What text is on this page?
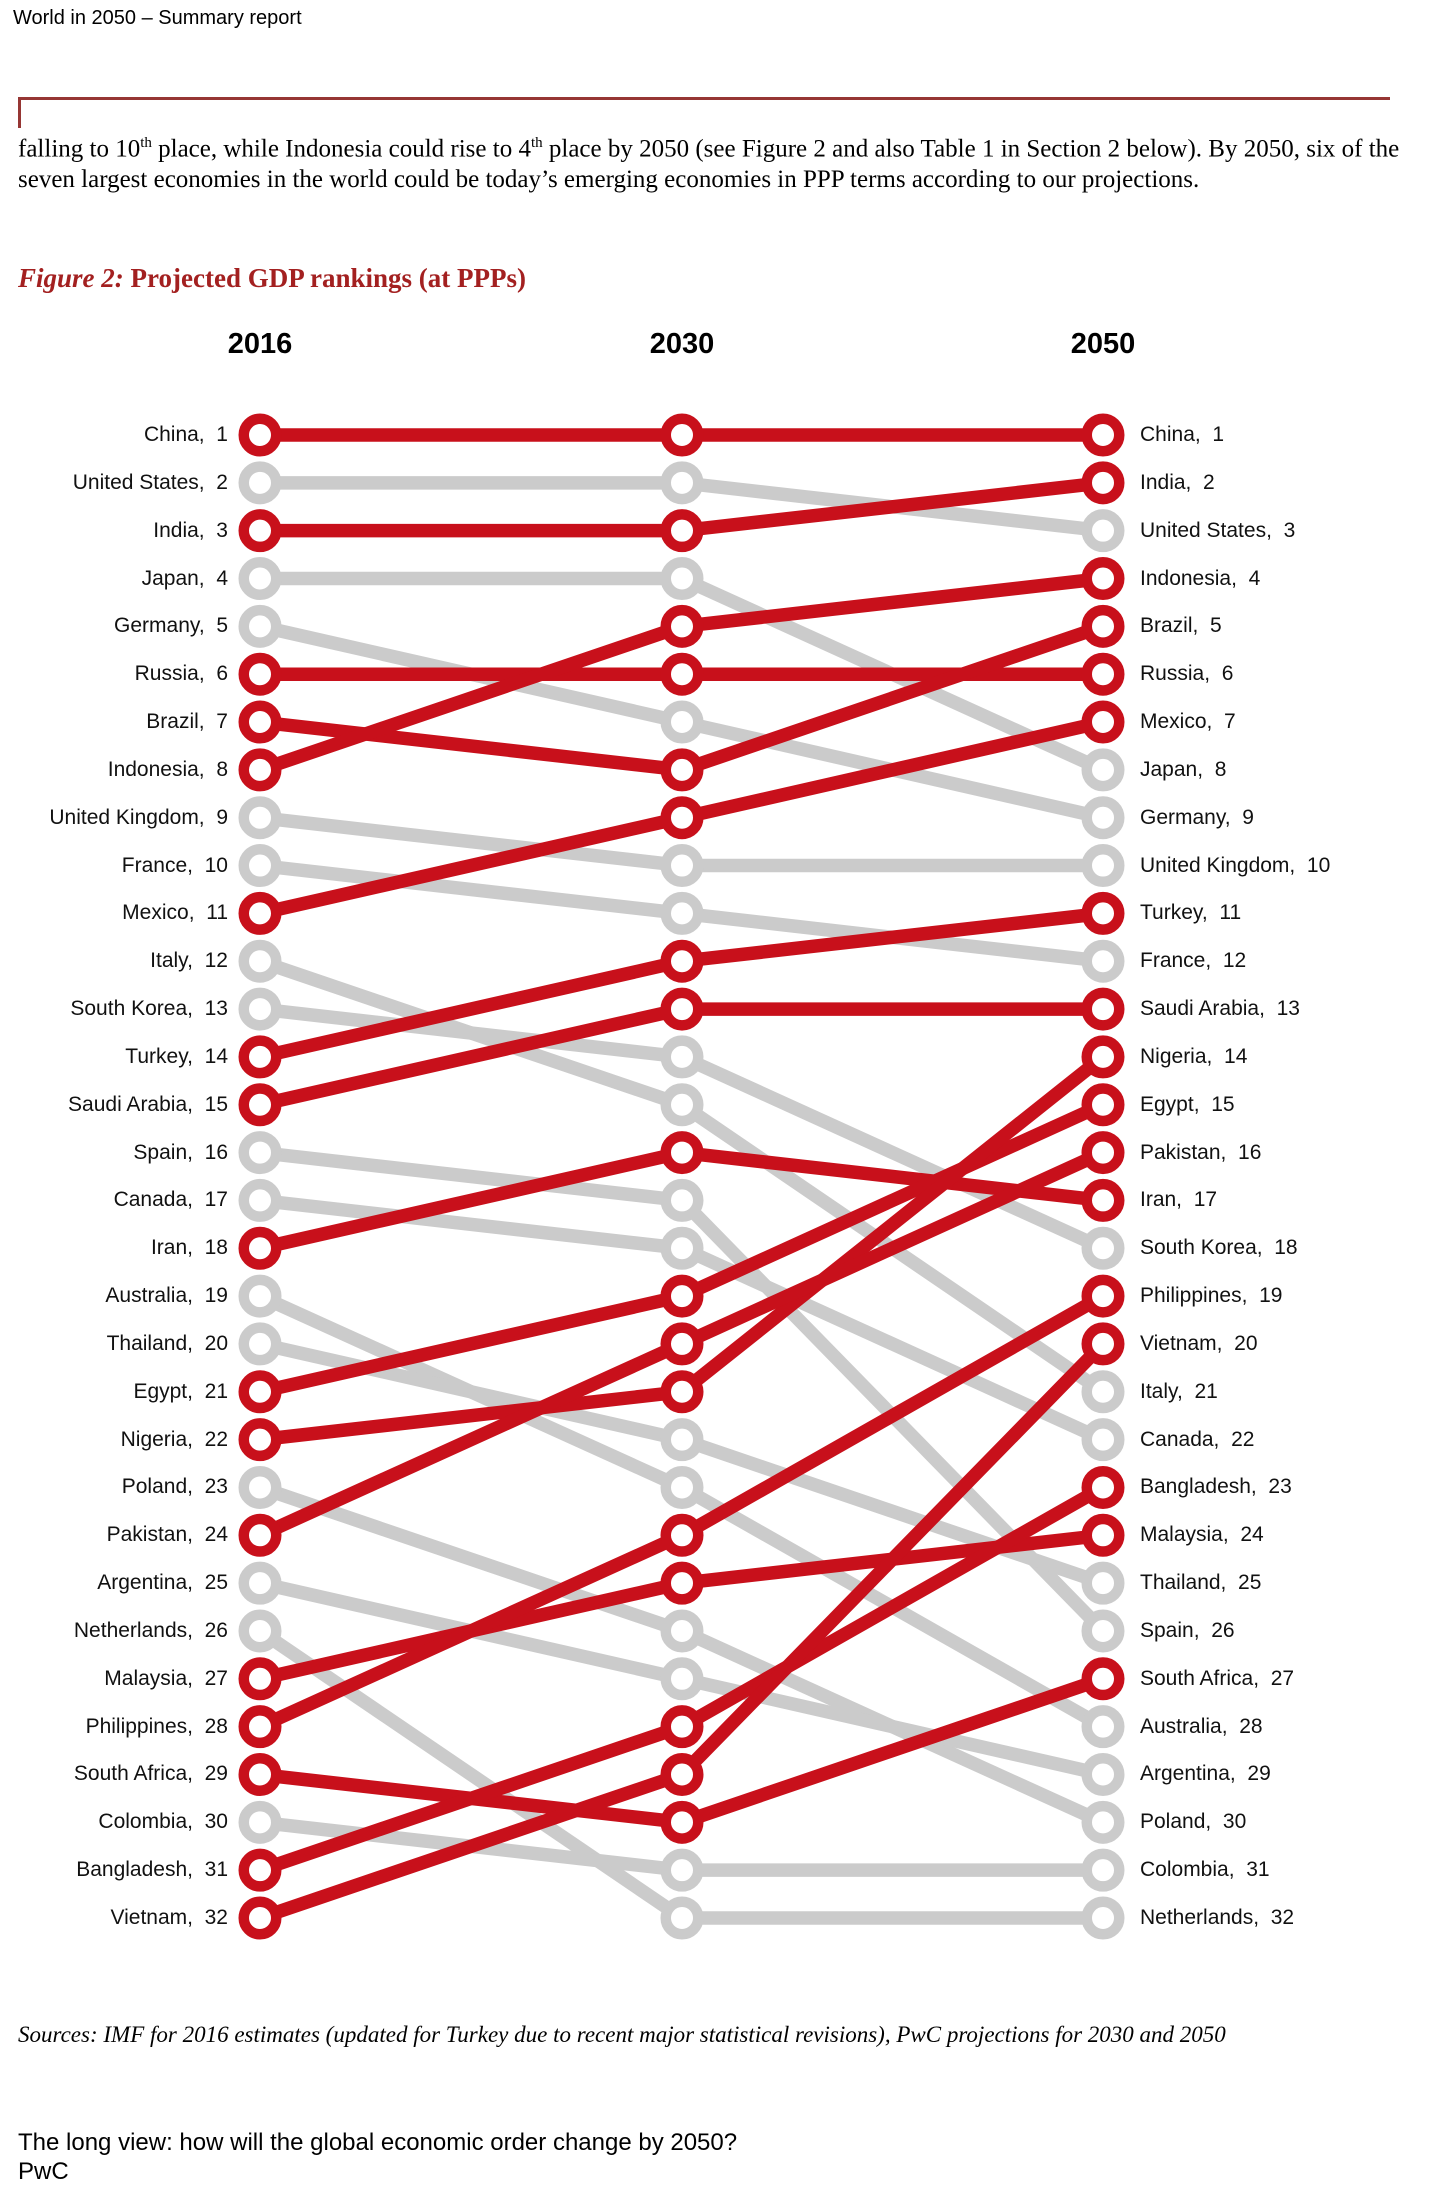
World in 2050 – Summary report
falling to 10th place, while Indonesia could rise to 4th place by 2050 (see Figure 2 and also Table 1 in Section 2 below). By 2050, six of the seven largest economies in the world could be today’s emerging economies in PPP terms according to our projections.
Figure 2: Projected GDP rankings (at PPPs)
2016	2030	2050
China,  1	China,  1
United States,  2
United States,  3
India,  3
India,  2
Japan,  4
Japan,  8
Germany,  5
Germany,  9
Russia,  6	Russia,  6
Brazil,  7
Brazil,  5
Indonesia,  8
Indonesia,  4
United Kingdom,  9
United Kingdom,  10
France,  10
France,  12
Mexico,  11
Mexico,  7
Italy,  12
Italy,  21
South Korea,  13
South Korea,  18
Turkey,  14
Turkey,  11
Saudi Arabia,  15
Saudi Arabia,  13
Spain,  16
Spain,  26
Canada,  17
Canada,  22
Iran,  18
Iran,  17
Australia,  19
Australia,  28
Thailand,  20
Thailand,  25
Egypt,  21
Egypt,  15
Nigeria,  22
Nigeria,  14
Poland,  23
Poland,  30
Pakistan,  24
Pakistan,  16
Argentina,  25
Argentina,  29
Netherlands,  26
Netherlands,  32
Malaysia,  27
Malaysia,  24
Philippines,  28
Philippines,  19
South Africa,  29
South Africa,  27
Colombia,  30
Colombia,  31
Bangladesh,  31
Bangladesh,  23
Vietnam,  32
Vietnam,  20
Sources: IMF for 2016 estimates (updated for Turkey due to recent major statistical revisions), PwC projections for 2030 and 2050
The long view: how will the global economic order change by 2050?
PwC
